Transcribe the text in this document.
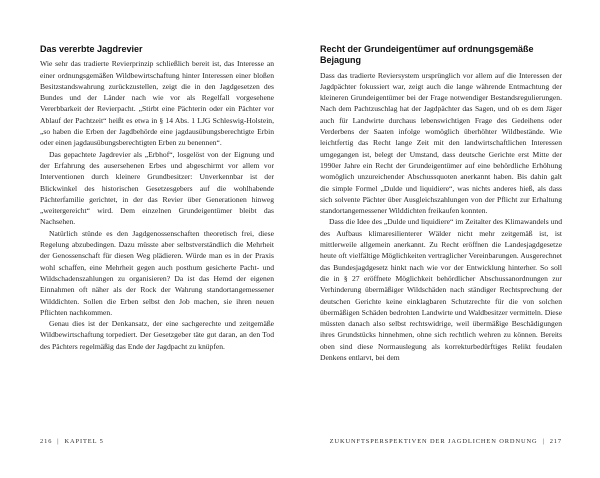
Das vererbte Jagdrevier

Wie sehr das tradierte Revierprinzip schließlich bereit ist, das Interesse an einer ordnungsgemäßen Wildbewirtschaftung hinter Interessen einer bloßen Besitzstandswahrung zurückzustellen, zeigt die in den Jagdgesetzen des Bundes und der Länder nach wie vor als Regelfall vorgesehene Vererbbarkeit der Revierpacht. „Stirbt eine Pächterin oder ein Pächter vor Ablauf der Pachtzeit“ heißt es etwa in § 14 Abs. 1 LJG Schleswig-Holstein, „so haben die Erben der Jagdbehörde eine jagdausübungsberechtigte Erbin oder einen jagdausübungsberechtigten Erben zu benennen“.

Das gepachtete Jagdrevier als „Erbhof“, losgelöst von der Eignung und der Erfahrung des ausersehenen Erbes und abgeschirmt vor allem vor Interventionen durch kleinere Grundbesitzer: Unverkennbar ist der Blickwinkel des historischen Gesetzesgebers auf die wohlhabende Pächterfamilie gerichtet, in der das Revier über Generationen hinweg „weitergereicht“ wird. Dem einzelnen Grundeigentümer bleibt das Nachsehen.

Natürlich stünde es den Jagdgenossenschaften theoretisch frei, diese Regelung abzubedingen. Dazu müsste aber selbstverständlich die Mehrheit der Genossenschaft für diesen Weg plädieren. Würde man es in der Praxis wohl schaffen, eine Mehrheit gegen auch posthum gesicherte Pacht- und Wildschadenszahlungen zu organisieren? Da ist das Hemd der eigenen Einnahmen oft näher als der Rock der Wahrung standortangemessener Wilddichten. Sollen die Erben selbst den Job machen, sie ihren neuen Pflichten nachkommen.

Genau dies ist der Denkansatz, der eine sachgerechte und zeitgemäße Wildbewirtschaftung torpediert. Der Gesetzgeber täte gut daran, an den Tod des Pächters regelmäßig das Ende der Jagdpacht zu knüpfen.

Recht der Grundeigentümer auf ordnungsgemäße Bejagung

Dass das tradierte Reviersystem ursprünglich vor allem auf die Interessen der Jagdpächter fokussiert war, zeigt auch die lange währende Entmachtung der kleineren Grundeigentümer bei der Frage notwendiger Bestandsregulierungen. Nach dem Pachtzuschlag hat der Jagdpächter das Sagen, und ob es dem Jäger auch für Landwirte durchaus lebenswichtigen Frage des Gedeihens oder Verderbens der Saaten infolge womöglich überhöhter Wildbestände. Wie leichtfertig das Recht lange Zeit mit den landwirtschaftlichen Interessen umgegangen ist, belegt der Umstand, dass deutsche Gerichte erst Mitte der 1990er Jahre ein Recht der Grundeigentümer auf eine behördliche Erhöhung womöglich unzureichender Abschussquoten anerkannt haben. Bis dahin galt die simple Formel „Dulde und liquidiere“, was nichts anderes hieß, als dass sich solvente Pächter über Ausgleichszahlungen von der Pflicht zur Erhaltung standortangemessener Wilddichten freikaufen konnten.

Dass die Idee des „Dulde und liquidiere“ im Zeitalter des Klimawandels und des Aufbaus klimaresilienterer Wälder nicht mehr zeitgemäß ist, ist mittlerweile allgemein anerkannt. Zu Recht eröffnen die Landesjagdgesetze heute oft vielfältige Möglichkeiten vertraglicher Vereinbarungen. Ausgerechnet das Bundesjagdgesetz hinkt nach wie vor der Entwicklung hinterher. So soll die in § 27 eröffnete Möglichkeit behördlicher Abschussanordnungen zur Verhinderung übermäßiger Wildschäden nach ständiger Rechtsprechung der deutschen Gerichte keine einklagbaren Schutzrechte für die von solchen übermäßigen Schäden bedrohten Landwirte und Waldbesitzer vermitteln. Diese müssten danach also selbst rechtswidrige, weil übermäßige Beschädigungen ihres Grundstücks hinnehmen, ohne sich rechtlich wehren zu können. Bereits oben sind diese Normauslegung als korrekturbedürftiges Relikt feudalen Denkens entlarvt, bei dem

216 | KAPITEL 5	ZUKUNFTSPERSPEKTIVEN DER JAGDLICHEN ORDNUNG | 217
